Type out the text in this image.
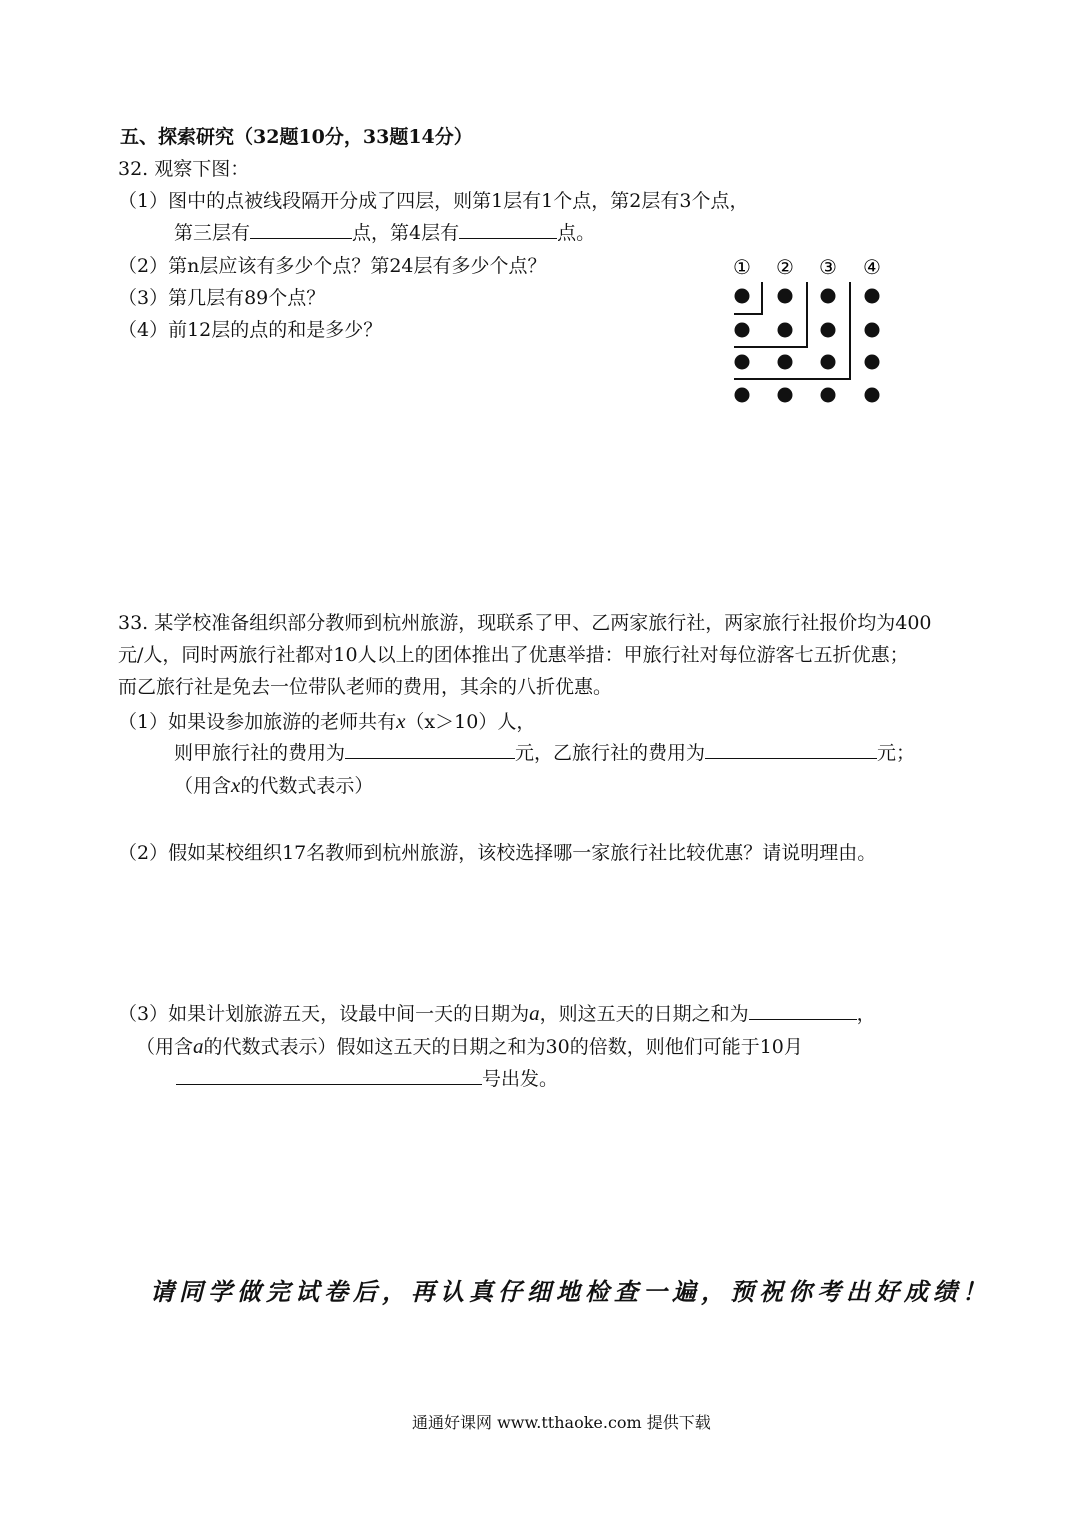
五、探索研究（32题10分，33题14分）
32. 观察下图：
（1）图中的点被线段隔开分成了四层，则第1层有1个点，第2层有3个点，
第三层有	点，第4层有	点。
（2）第n层应该有多少个点？第24层有多少个点？
（3）第几层有89个点？
（4）前12层的点的和是多少？
① ② ③ ④
33. 某学校准备组织部分教师到杭州旅游，现联系了甲、乙两家旅行社，两家旅行社报价均为400
元/人，同时两旅行社都对10人以上的团体推出了优惠举措：甲旅行社对每位游客七五折优惠；
而乙旅行社是免去一位带队老师的费用，其余的八折优惠。
（1）如果设参加旅游的老师共有x（x＞10）人，
则甲旅行社的费用为	元，乙旅行社的费用为	元；
（用含x的代数式表示）
（2）假如某校组织17名教师到杭州旅游，该校选择哪一家旅行社比较优惠？请说明理由。
（3）如果计划旅游五天，设最中间一天的日期为a，则这五天的日期之和为	，
（用含a的代数式表示）假如这五天的日期之和为30的倍数，则他们可能于10月
号出发。
请同学做完试卷后，再认真仔细地检查一遍，预祝你考出好成绩！
通通好课网 www.tthaoke.com 提供下载
